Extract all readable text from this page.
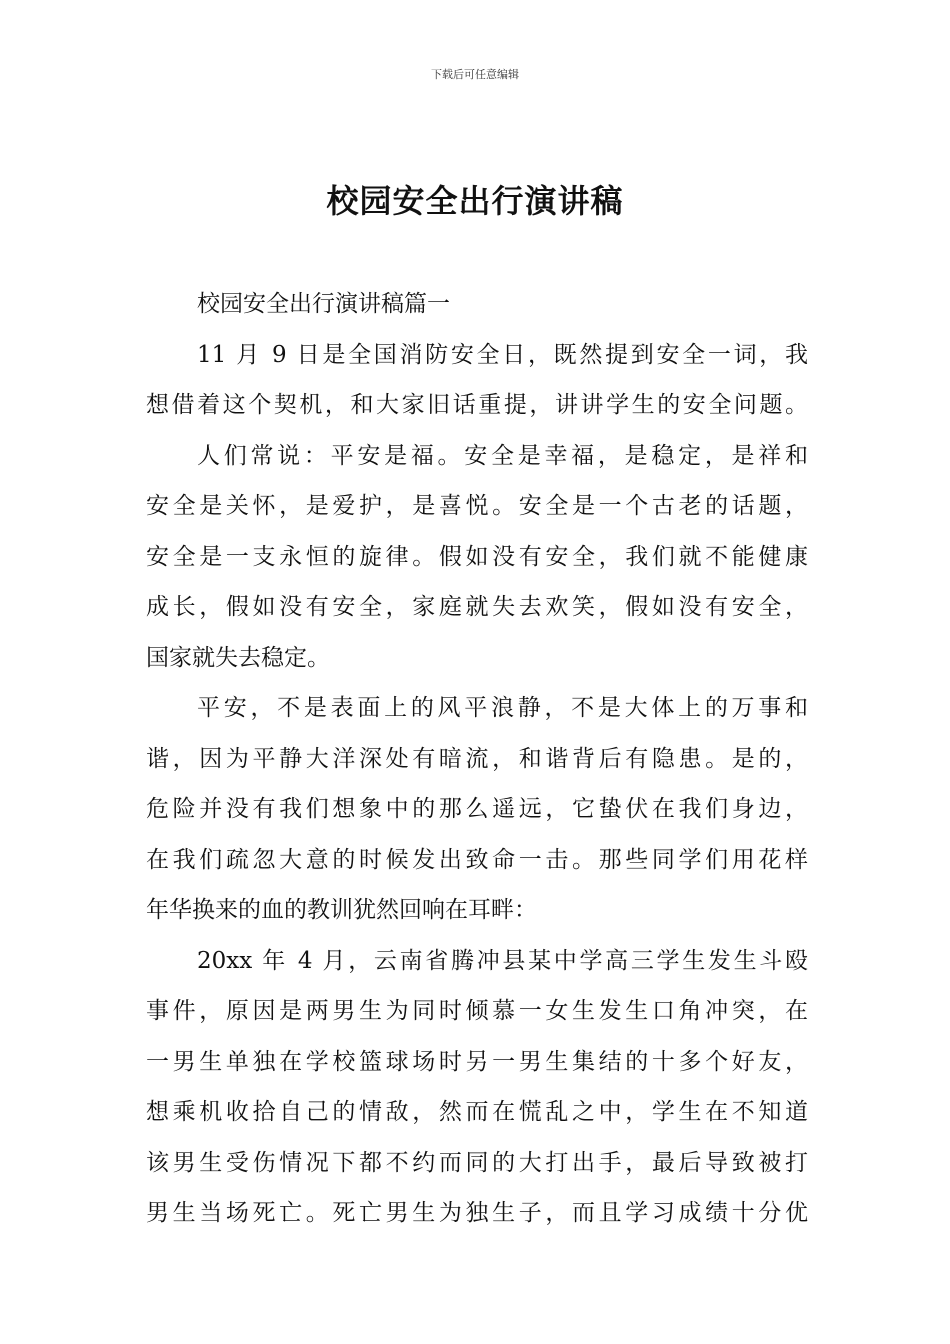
下载后可任意编辑
校园安全出行演讲稿
校园安全出行演讲稿篇一
11 月 9 日是全国消防安全日，既然提到安全一词，我
想借着这个契机，和大家旧话重提，讲讲学生的安全问题。
人们常说：平安是福。安全是幸福，是稳定，是祥和
安全是关怀，是爱护，是喜悦。安全是一个古老的话题，
安全是一支永恒的旋律。假如没有安全，我们就不能健康
成长，假如没有安全，家庭就失去欢笑，假如没有安全，
国家就失去稳定。
平安，不是表面上的风平浪静，不是大体上的万事和
谐，因为平静大洋深处有暗流，和谐背后有隐患。是的，
危险并没有我们想象中的那么遥远，它蛰伏在我们身边，
在我们疏忽大意的时候发出致命一击。那些同学们用花样
年华换来的血的教训犹然回响在耳畔：
20xx 年 4 月，云南省腾冲县某中学高三学生发生斗殴
事件，原因是两男生为同时倾慕一女生发生口角冲突，在
一男生单独在学校篮球场时另一男生集结的十多个好友，
想乘机收拾自己的情敌，然而在慌乱之中，学生在不知道
该男生受伤情况下都不约而同的大打出手，最后导致被打
男生当场死亡。死亡男生为独生子，而且学习成绩十分优
